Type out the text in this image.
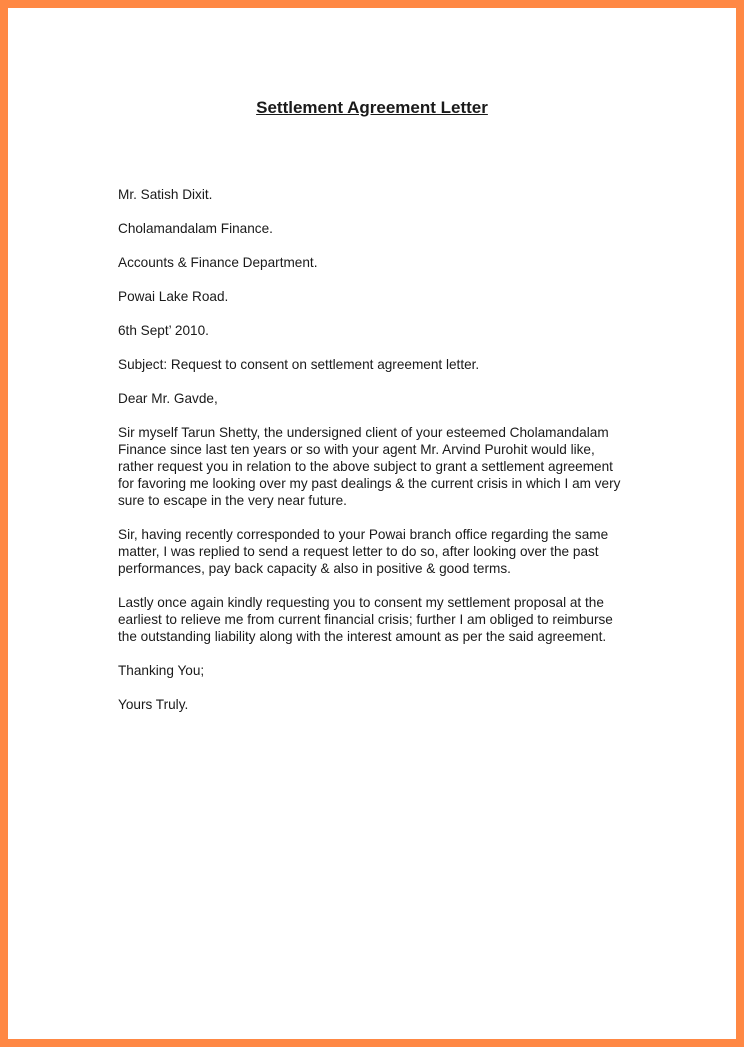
Settlement Agreement Letter

Mr. Satish Dixit.

Cholamandalam Finance.

Accounts & Finance Department.

Powai Lake Road.

6th Sept’ 2010.

Subject: Request to consent on settlement agreement letter.

Dear Mr. Gavde,

Sir myself Tarun Shetty, the undersigned client of your esteemed Cholamandalam Finance since last ten years or so with your agent Mr. Arvind Purohit would like, rather request you in relation to the above subject to grant a settlement agreement for favoring me looking over my past dealings & the current crisis in which I am very sure to escape in the very near future.

Sir, having recently corresponded to your Powai branch office regarding the same matter, I was replied to send a request letter to do so, after looking over the past performances, pay back capacity & also in positive & good terms.

Lastly once again kindly requesting you to consent my settlement proposal at the earliest to relieve me from current financial crisis; further I am obliged to reimburse the outstanding liability along with the interest amount as per the said agreement.

Thanking You;

Yours Truly.
